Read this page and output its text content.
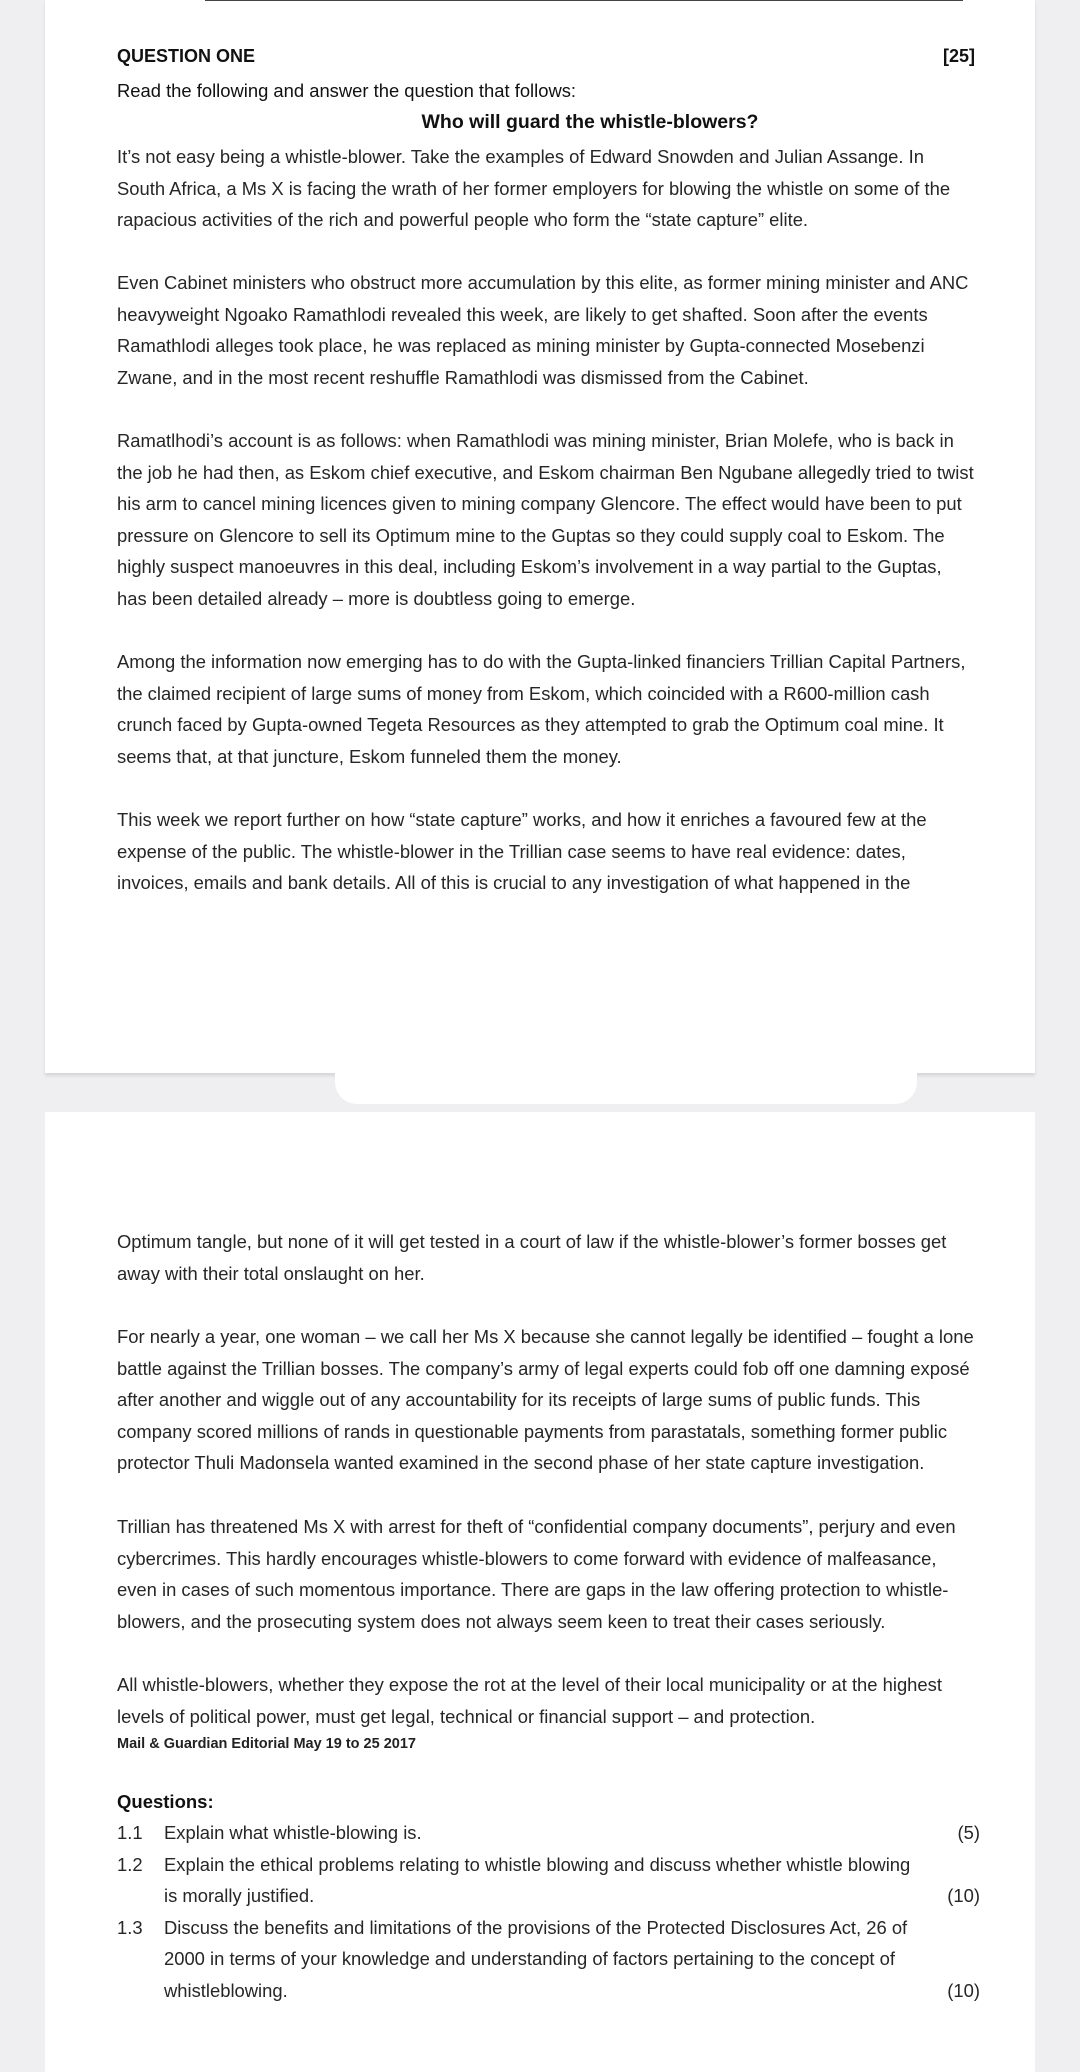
QUESTION ONE	[25]
Read the following and answer the question that follows:
Who will guard the whistle-blowers?

It’s not easy being a whistle-blower. Take the examples of Edward Snowden and Julian Assange. In South Africa, a Ms X is facing the wrath of her former employers for blowing the whistle on some of the rapacious activities of the rich and powerful people who form the “state capture” elite.

Even Cabinet ministers who obstruct more accumulation by this elite, as former mining minister and ANC heavyweight Ngoako Ramathlodi revealed this week, are likely to get shafted. Soon after the events Ramathlodi alleges took place, he was replaced as mining minister by Gupta-connected Mosebenzi Zwane, and in the most recent reshuffle Ramathlodi was dismissed from the Cabinet.

Ramatlhodi’s account is as follows: when Ramathlodi was mining minister, Brian Molefe, who is back in the job he had then, as Eskom chief executive, and Eskom chairman Ben Ngubane allegedly tried to twist his arm to cancel mining licences given to mining company Glencore. The effect would have been to put pressure on Glencore to sell its Optimum mine to the Guptas so they could supply coal to Eskom. The highly suspect manoeuvres in this deal, including Eskom’s involvement in a way partial to the Guptas, has been detailed already – more is doubtless going to emerge.

Among the information now emerging has to do with the Gupta-linked financiers Trillian Capital Partners, the claimed recipient of large sums of money from Eskom, which coincided with a R600-million cash crunch faced by Gupta-owned Tegeta Resources as they attempted to grab the Optimum coal mine. It seems that, at that juncture, Eskom funneled them the money.

This week we report further on how “state capture” works, and how it enriches a favoured few at the expense of the public. The whistle-blower in the Trillian case seems to have real evidence: dates, invoices, emails and bank details. All of this is crucial to any investigation of what happened in the

Optimum tangle, but none of it will get tested in a court of law if the whistle-blower’s former bosses get away with their total onslaught on her.

For nearly a year, one woman – we call her Ms X because she cannot legally be identified – fought a lone battle against the Trillian bosses. The company’s army of legal experts could fob off one damning exposé after another and wiggle out of any accountability for its receipts of large sums of public funds. This company scored millions of rands in questionable payments from parastatals, something former public protector Thuli Madonsela wanted examined in the second phase of her state capture investigation.

Trillian has threatened Ms X with arrest for theft of “confidential company documents”, perjury and even cybercrimes. This hardly encourages whistle-blowers to come forward with evidence of malfeasance, even in cases of such momentous importance. There are gaps in the law offering protection to whistle-blowers, and the prosecuting system does not always seem keen to treat their cases seriously.

All whistle-blowers, whether they expose the rot at the level of their local municipality or at the highest levels of political power, must get legal, technical or financial support – and protection.

Mail & Guardian Editorial May 19 to 25 2017
Questions:
1.1 Explain what whistle-blowing is.	(5)
1.2 Explain the ethical problems relating to whistle blowing and discuss whether whistle blowing is morally justified.	(10)
1.3 Discuss the benefits and limitations of the provisions of the Protected Disclosures Act, 26 of 2000 in terms of your knowledge and understanding of factors pertaining to the concept of whistleblowing.	(10)
